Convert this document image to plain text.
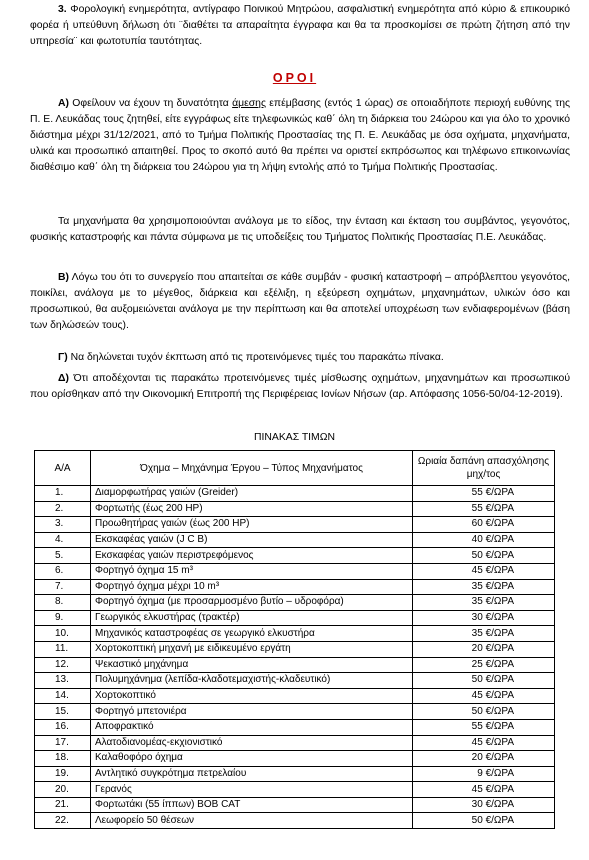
3. Φορολογική ενημερότητα, αντίγραφο Ποινικού Μητρώου, ασφαλιστική ενημερότητα από κύριο & επικουρικό φορέα ή υπεύθυνη δήλωση ότι ¨διαθέτει τα απαραίτητα έγγραφα και θα τα προσκομίσει σε πρώτη ζήτηση από την υπηρεσία¨ και φωτοτυπία ταυτότητας.

ΟΡΟΙ

Α) Οφείλουν να έχουν τη δυνατότητα άμεσης επέμβασης (εντός 1 ώρας) σε οποιαδήποτε περιοχή ευθύνης της Π. Ε. Λευκάδας τους ζητηθεί, είτε εγγράφως είτε τηλεφωνικώς καθ΄ όλη τη διάρκεια του 24ώρου και για όλο το χρονικό διάστημα μέχρι 31/12/2021, από το Τμήμα Πολιτικής Προστασίας της Π. Ε. Λευκάδας με όσα οχήματα, μηχανήματα, υλικά και προσωπικό απαιτηθεί. Προς το σκοπό αυτό θα πρέπει να οριστεί εκπρόσωπος και τηλέφωνο επικοινωνίας διαθέσιμο καθ΄ όλη τη διάρκεια του 24ώρου για τη λήψη εντολής από το Τμήμα Πολιτικής Προστασίας.

Τα μηχανήματα θα χρησιμοποιούνται ανάλογα με το είδος, την ένταση και έκταση του συμβάντος, γεγονότος, φυσικής καταστροφής και πάντα σύμφωνα με τις υποδείξεις του Τμήματος Πολιτικής Προστασίας Π.Ε. Λευκάδας.

Β) Λόγω του ότι το συνεργείο που απαιτείται σε κάθε συμβάν - φυσική καταστροφή – απρόβλεπτου γεγονότος, ποικίλει, ανάλογα με το μέγεθος, διάρκεια και εξέλιξη, η εξεύρεση οχημάτων, μηχανημάτων, υλικών όσο και προσωπικού, θα αυξομειώνεται ανάλογα με την περίπτωση και θα αποτελεί υποχρέωση των ενδιαφερομένων (βάση των δηλώσεών τους).

Γ) Να δηλώνεται τυχόν έκπτωση από τις προτεινόμενες τιμές του παρακάτω πίνακα.

Δ) Ότι αποδέχονται τις παρακάτω προτεινόμενες τιμές μίσθωσης οχημάτων, μηχανημάτων και προσωπικού που ορίσθηκαν από την Οικονομική Επιτροπή της Περιφέρειας Ιονίων Νήσων (αρ. Απόφασης 1056-50/04-12-2019).

ΠΙΝΑΚΑΣ ΤΙΜΩΝ
Α/Α	Όχημα – Μηχάνημα Έργου – Τύπος Μηχανήματος	Ωριαία δαπάνη απασχόλησης μηχ/τος
1.	Διαμορφωτήρας γαιών (Greider)	55 €/ΩΡΑ
2.	Φορτωτής (έως 200 HP)	55 €/ΩΡΑ
3.	Προωθητήρας γαιών (έως 200 HP)	60 €/ΩΡΑ
4.	Εκσκαφέας γαιών (J C B)	40 €/ΩΡΑ
5.	Εκσκαφέας γαιών περιστρεφόμενος	50 €/ΩΡΑ
6.	Φορτηγό όχημα 15 m³	45 €/ΩΡΑ
7.	Φορτηγό όχημα μέχρι 10 m³	35 €/ΩΡΑ
8.	Φορτηγό όχημα (με προσαρμοσμένο βυτίο – υδροφόρα)	35 €/ΩΡΑ
9.	Γεωργικός ελκυστήρας (τρακτέρ)	30 €/ΩΡΑ
10.	Μηχανικός καταστροφέας σε γεωργικό ελκυστήρα	35 €/ΩΡΑ
11.	Χορτοκοπτική μηχανή με ειδικευμένο εργάτη	20 €/ΩΡΑ
12.	Ψεκαστικό μηχάνημα	25 €/ΩΡΑ
13.	Πολυμηχάνημα (λεπίδα-κλαδοτεμαχιστής-κλαδευτικό)	50 €/ΩΡΑ
14.	Χορτοκοπτικό	45 €/ΩΡΑ
15.	Φορτηγό μπετονιέρα	50 €/ΩΡΑ
16.	Αποφρακτικό	55 €/ΩΡΑ
17.	Αλατοδιανομέας-εκχιονιστικό	45 €/ΩΡΑ
18.	Καλαθοφόρο όχημα	20 €/ΩΡΑ
19.	Αντλητικό συγκρότημα πετρελαίου	9 €/ΩΡΑ
20.	Γερανός	45 €/ΩΡΑ
21.	Φορτωτάκι (55 ίππων) BOB CAT	30 €/ΩΡΑ
22.	Λεωφορείο 50 θέσεων	50 €/ΩΡΑ
